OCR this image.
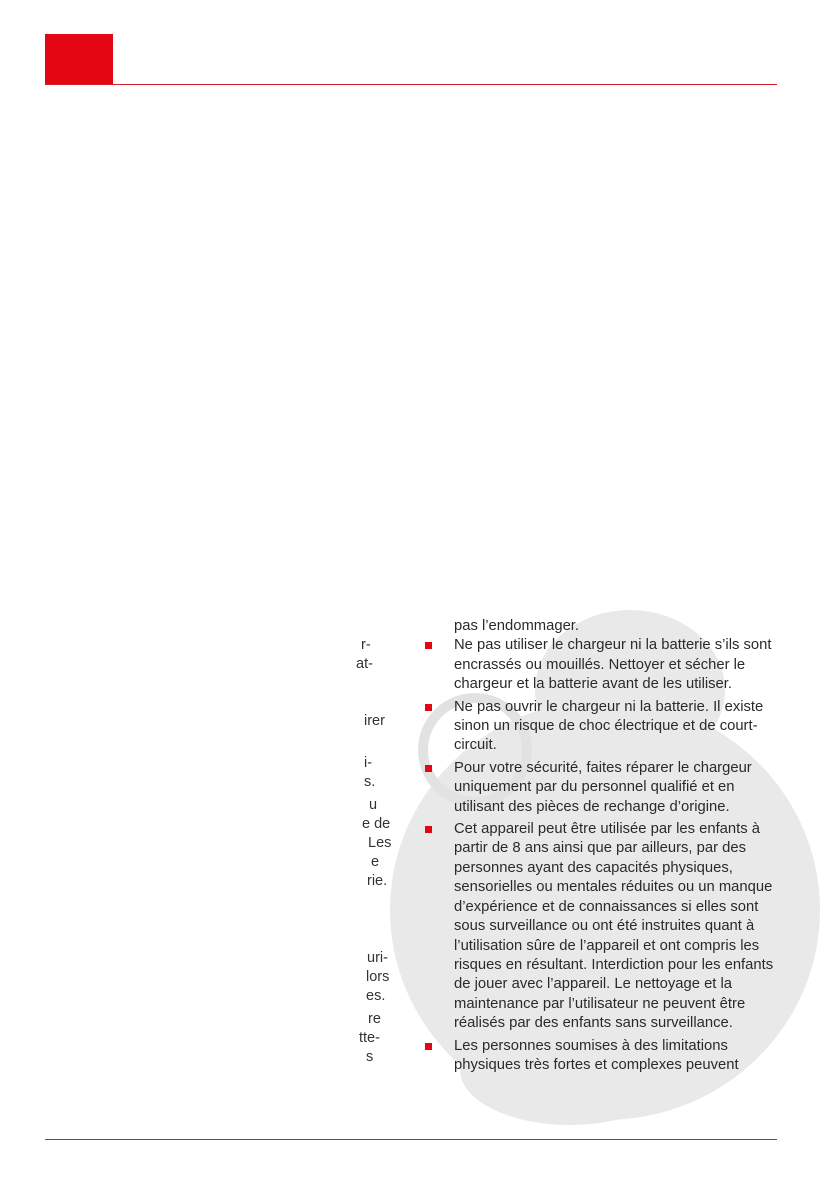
r-
at-
irer
i-
s.
u
e de
Les
e
rie.
uri-
lors
es.
re
tte-
s

pas l’endommager.

Ne pas utiliser le chargeur ni la batterie s’ils sont encrassés ou mouillés. Nettoyer et sécher le chargeur et la batterie avant de les utiliser.
Ne pas ouvrir le chargeur ni la batterie. Il existe sinon un risque de choc électrique et de court-circuit.
Pour votre sécurité, faites réparer le chargeur uniquement par du personnel qualifié et en utilisant des pièces de rechange d’origine.
Cet appareil peut être utilisée par les enfants à partir de 8 ans ainsi que par ailleurs, par des personnes ayant des capacités physiques, sensorielles ou mentales réduites ou un manque d’expérience et de connaissances si elles sont sous surveillance ou ont été instruites quant à l’utilisation sûre de l’appareil et ont compris les risques en résultant. Interdiction pour les enfants de jouer avec l’appareil. Le nettoyage et la maintenance par l’utilisateur ne peuvent être réalisés par des enfants sans surveillance.
Les personnes soumises à des limitations physiques très fortes et complexes peuvent
